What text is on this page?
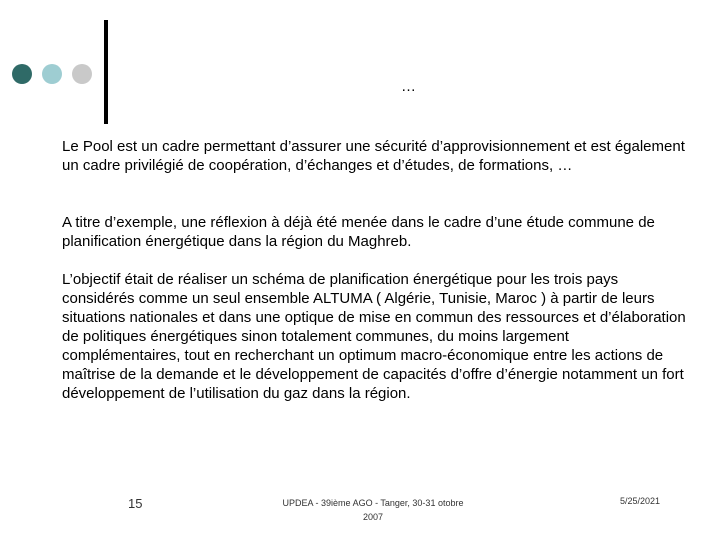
…

Le Pool est un cadre permettant d’assurer une sécurité d’approvisionnement et est également un cadre privilégié de coopération, d’échanges et d’études, de formations, …

A titre d’exemple, une réflexion à déjà été menée dans le cadre d’une étude commune de planification énergétique dans la région du Maghreb.

L’objectif était de réaliser un schéma de planification énergétique pour les trois pays considérés comme un seul ensemble ALTUMA ( Algérie, Tunisie, Maroc ) à partir de leurs situations nationales et dans une optique de mise en commun des ressources et d’élaboration de politiques énergétiques sinon totalement communes, du moins largement complémentaires, tout en recherchant un optimum macro-économique entre les actions de maîtrise de la demande et le développement de capacités d’offre d’énergie notamment un fort développement de l’utilisation du gaz dans la région.

15	UPDEA - 39ième AGO - Tanger, 30-31 otobre
2007
5/25/2021
